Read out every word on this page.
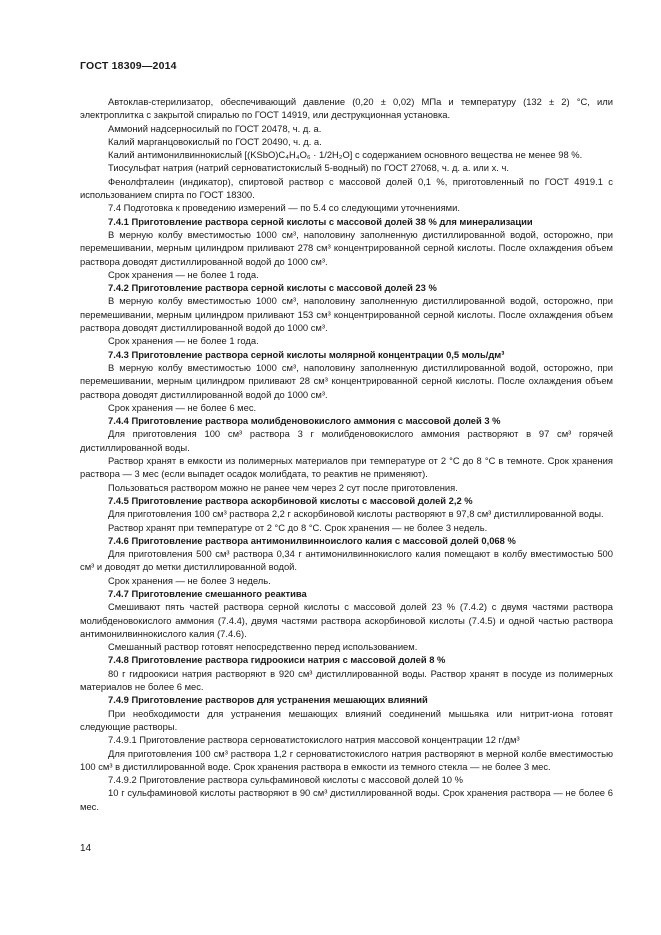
ГОСТ 18309—2014

Автоклав-стерилизатор, обеспечивающий давление (0,20 ± 0,02) МПа и температуру (132 ± 2) °С, или электроплитка с закрытой спиралью по ГОСТ 14919, или деструкционная установка.

Аммоний надсерносилый по ГОСТ 20478, ч. д. а.

Калий марганцовокислый по ГОСТ 20490, ч. д. а.

Калий антимонилвиннокислый [(KSbO)C₄H₄O₆ · 1/2H₂O] с содержанием основного вещества не менее 98 %.

Тиосульфат натрия (натрий серноватистокислый 5-водный) по ГОСТ 27068, ч. д. а. или х. ч.

Фенолфталеин (индикатор), спиртовой раствор с массовой долей 0,1 %, приготовленный по ГОСТ 4919.1 с использованием спирта по ГОСТ 18300.

7.4 Подготовка к проведению измерений — по 5.4 со следующими уточнениями.

7.4.1 Приготовление раствора серной кислоты с массовой долей 38 % для минерализации

В мерную колбу вместимостью 1000 см³, наполовину заполненную дистиллированной водой, осторожно, при перемешивании, мерным цилиндром приливают 278 см³ концентрированной серной кислоты. После охлаждения объем раствора доводят дистиллированной водой до 1000 см³.

Срок хранения — не более 1 года.

7.4.2 Приготовление раствора серной кислоты с массовой долей 23 %

В мерную колбу вместимостью 1000 см³, наполовину заполненную дистиллированной водой, осторожно, при перемешивании, мерным цилиндром приливают 153 см³ концентрированной серной кислоты. После охлаждения объем раствора доводят дистиллированной водой до 1000 см³.

Срок хранения — не более 1 года.

7.4.3 Приготовление раствора серной кислоты молярной концентрации 0,5 моль/дм³

В мерную колбу вместимостью 1000 см³, наполовину заполненную дистиллированной водой, осторожно, при перемешивании, мерным цилиндром приливают 28 см³ концентрированной серной кислоты. После охлаждения объем раствора доводят дистиллированной водой до 1000 см³.

Срок хранения — не более 6 мес.

7.4.4 Приготовление раствора молибденовокислого аммония с массовой долей 3 %

Для приготовления 100 см³ раствора 3 г молибденовокислого аммония растворяют в 97 см³ горячей дистиллированной воды.

Раствор хранят в емкости из полимерных материалов при температуре от 2 °С до 8 °С в темноте. Срок хранения раствора — 3 мес (если выпадет осадок молибдата, то реактив не применяют).

Пользоваться раствором можно не ранее чем через 2 сут после приготовления.

7.4.5 Приготовление раствора аскорбиновой кислоты с массовой долей 2,2 %

Для приготовления 100 см³ раствора 2,2 г аскорбиновой кислоты растворяют в 97,8 см³ дистиллированной воды.

Раствор хранят при температуре от 2 °С до 8 °С. Срок хранения — не более 3 недель.

7.4.6 Приготовление раствора антимонилвинноислого калия с массовой долей 0,068 %

Для приготовления 500 см³ раствора 0,34 г антимонилвиннокислого калия помещают в колбу вместимостью 500 см³ и доводят до метки дистиллированной водой.

Срок хранения — не более 3 недель.

7.4.7 Приготовление смешанного реактива

Смешивают пять частей раствора серной кислоты с массовой долей 23 % (7.4.2) с двумя частями раствора молибденовокислого аммония (7.4.4), двумя частями раствора аскорбиновой кислоты (7.4.5) и одной частью раствора антимонилвиннокислого калия (7.4.6).

Смешанный раствор готовят непосредственно перед использованием.

7.4.8 Приготовление раствора гидроокиси натрия с массовой долей 8 %

80 г гидроокиси натрия растворяют в 920 см³ дистиллированной воды. Раствор хранят в посуде из полимерных материалов не более 6 мес.

7.4.9 Приготовление растворов для устранения мешающих влияний

При необходимости для устранения мешающих влияний соединений мышьяка или нитрит-иона готовят следующие растворы.

7.4.9.1 Приготовление раствора серноватистокислого натрия массовой концентрации 12 г/дм³

Для приготовления 100 см³ раствора 1,2 г серноватистокислого натрия растворяют в мерной колбе вместимостью 100 см³ в дистиллированной воде. Срок хранения раствора в емкости из темного стекла — не более 3 мес.

7.4.9.2 Приготовление раствора сульфаминовой кислоты с массовой долей 10 %

10 г сульфаминовой кислоты растворяют в 90 см³ дистиллированной воды. Срок хранения раствора — не более 6 мес.

14
